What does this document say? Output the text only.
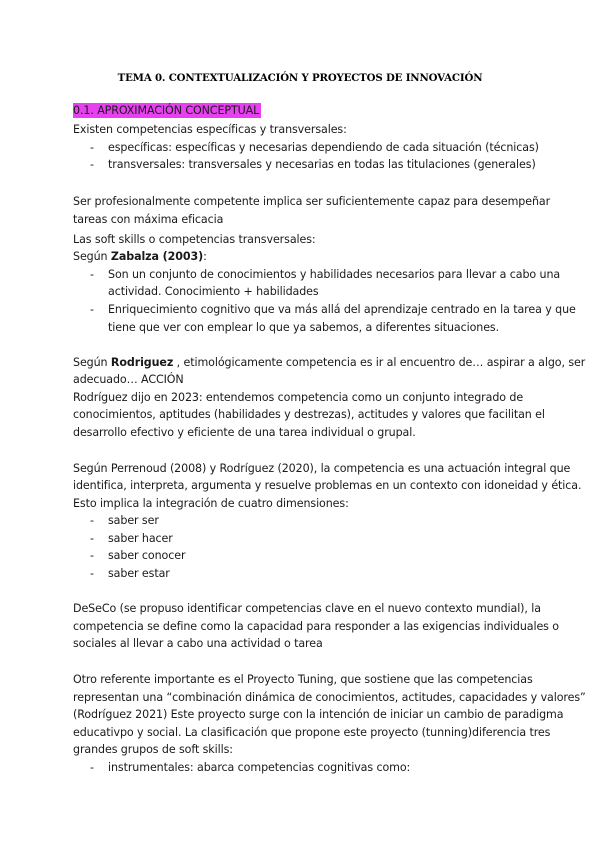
TEMA 0. CONTEXTUALIZACIÓN Y PROYECTOS DE INNOVACIÓN
0.1. APROXIMACIÓN CONCEPTUAL
Existen competencias específicas y transversales:
- específicas: específicas y necesarias dependiendo de cada situación (técnicas)
- transversales: transversales y necesarias en todas las titulaciones (generales)
Ser profesionalmente competente implica ser suficientemente capaz para desempeñar
tareas con máxima eficacia
Las soft skills o competencias transversales:
Según Zabalza (2003):
- Son un conjunto de conocimientos y habilidades necesarios para llevar a cabo una
actividad. Conocimiento + habilidades
- Enriquecimiento cognitivo que va más allá del aprendizaje centrado en la tarea y que
tiene que ver con emplear lo que ya sabemos, a diferentes situaciones.
Según Rodriguez , etimológicamente competencia es ir al encuentro de… aspirar a algo, ser
adecuado… ACCIÓN
Rodríguez dijo en 2023: entendemos competencia como un conjunto integrado de
conocimientos, aptitudes (habilidades y destrezas), actitudes y valores que facilitan el
desarrollo efectivo y eficiente de una tarea individual o grupal.
Según Perrenoud (2008) y Rodríguez (2020), la competencia es una actuación integral que
identifica, interpreta, argumenta y resuelve problemas en un contexto con idoneidad y ética.
Esto implica la integración de cuatro dimensiones:
- saber ser
- saber hacer
- saber conocer
- saber estar
DeSeCo (se propuso identificar competencias clave en el nuevo contexto mundial), la
competencia se define como la capacidad para responder a las exigencias individuales o
sociales al llevar a cabo una actividad o tarea
Otro referente importante es el Proyecto Tuning, que sostiene que las competencias
representan una “combinación dinámica de conocimientos, actitudes, capacidades y valores”
(Rodríguez 2021) Este proyecto surge con la intención de iniciar un cambio de paradigma
educativpo y social. La clasificación que propone este proyecto (tunning)diferencia tres
grandes grupos de soft skills:
- instrumentales: abarca competencias cognitivas como:
